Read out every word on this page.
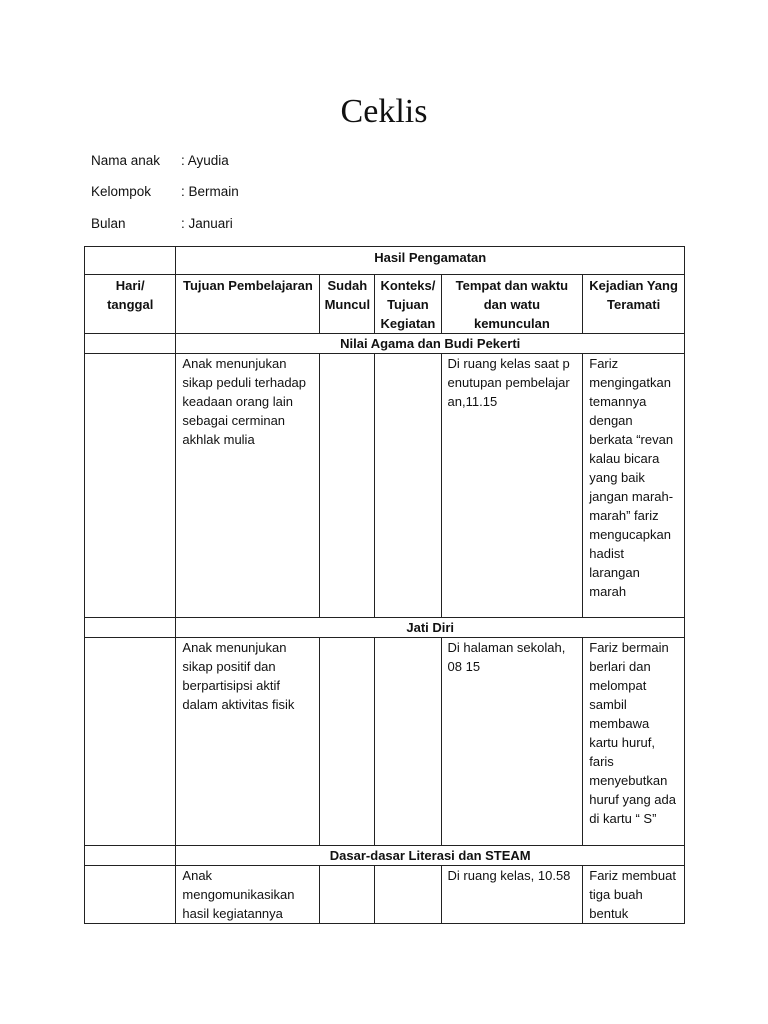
Ceklis
Nama anak : Ayudia
Kelompok : Bermain
Bulan	: Januari
	Hasil Pengamatan				
Hari/ tanggal	Tujuan Pembelajaran	Sudah Muncul	Konteks/ Tujuan Kegiatan	Tempat dan waktu dan watu kemunculan	Kejadian Yang Teramati
	Nilai Agama dan Budi Pekerti				
	Anak menunjukan sikap peduli terhadap keadaan orang lain sebagai cerminan akhlak mulia			Di ruang kelas saat penutupan pembelajaran,11.15	Fariz mengingatkan temannya dengan berkata “revan kalau bicara yang baik jangan marah-marah” fariz mengucapkan hadist larangan marah
	Jati Diri				
	Anak menunjukan sikap positif dan berpartisipsi aktif dalam aktivitas fisik			Di halaman sekolah, 08 15	Fariz bermain berlari dan melompat sambil membawa kartu huruf, faris menyebutkan huruf yang ada di kartu “ S”
	Dasar-dasar Literasi dan STEAM				
	Anak mengomunikasikan hasil kegiatannya			Di ruang kelas, 10.58	Fariz membuat tiga buah bentuk
